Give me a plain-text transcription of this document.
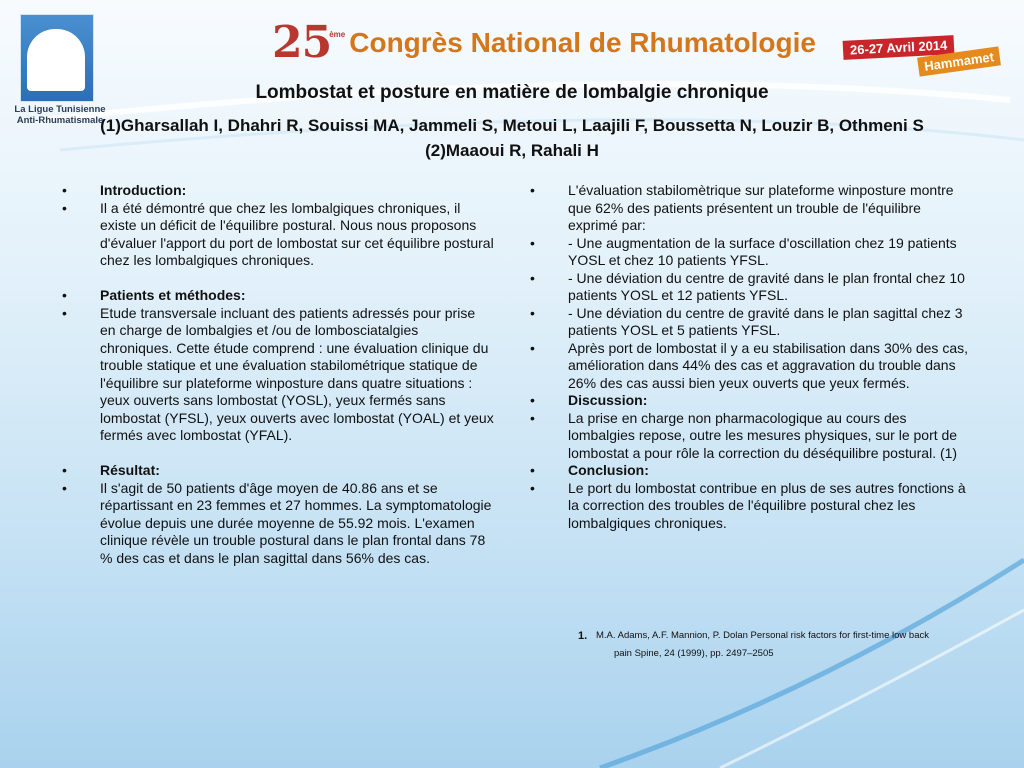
La Ligue Tunisienne Anti-Rhumatismale
25
ème Congrès National de Rhumatologie	26-27 Avril 2014
Hammamet
Lombostat et posture en matière de lombalgie chronique
(1)Gharsallah I, Dhahri R, Souissi MA, Jammeli S, Metoui L, Laajili F, Boussetta N, Louzir B, Othmeni S
(2)Maaoui R, Rahali H
•	Introduction:
•	Il a été démontré que chez les lombalgiques chroniques, il existe un déficit de l'équilibre postural. Nous nous proposons d'évaluer l'apport du port de lombostat sur cet équilibre postural chez les lombalgiques chroniques.
•	Patients et méthodes:
•	Etude transversale incluant des patients adressés pour prise en charge de lombalgies et /ou de lombosciatalgies chroniques. Cette étude comprend : une évaluation clinique du trouble statique et une évaluation stabilométrique statique de l'équilibre sur plateforme winposture dans quatre situations : yeux ouverts sans lombostat (YOSL), yeux fermés sans lombostat (YFSL), yeux ouverts avec lombostat (YOAL) et yeux fermés avec lombostat (YFAL).
•	Résultat:
•	Il s'agit de 50 patients d'âge moyen de 40.86 ans et se répartissant en 23 femmes et 27 hommes. La symptomatologie évolue depuis une durée moyenne de 55.92 mois. L'examen clinique révèle un trouble postural dans le plan frontal dans 78 % des cas et dans le plan sagittal dans 56% des cas.
•	L'évaluation stabilomètrique sur plateforme winposture montre que 62% des patients présentent un trouble de l'équilibre exprimé par:
•	- Une augmentation de la surface d'oscillation chez 19 patients YOSL et chez 10 patients YFSL.
•	- Une déviation du centre de gravité dans le plan frontal chez 10 patients YOSL et 12 patients YFSL.
•	- Une déviation du centre de gravité dans le plan sagittal chez 3 patients YOSL et 5 patients YFSL.
•	Après port de lombostat il y a eu stabilisation dans 30% des cas, amélioration dans 44% des cas et aggravation du trouble dans 26% des cas aussi bien yeux ouverts que yeux fermés.
•	Discussion:
•	La prise en charge non pharmacologique au cours des lombalgies repose, outre les mesures physiques, sur le port de lombostat a pour rôle la correction du déséquilibre postural. (1)
•	Conclusion:
•	Le port du lombostat contribue en plus de ses autres fonctions à la correction des troubles de l'équilibre postural chez les lombalgiques chroniques.
1. M.A. Adams, A.F. Mannion, P. Dolan Personal risk factors for first-time low back
pain Spine, 24 (1999), pp. 2497–2505
